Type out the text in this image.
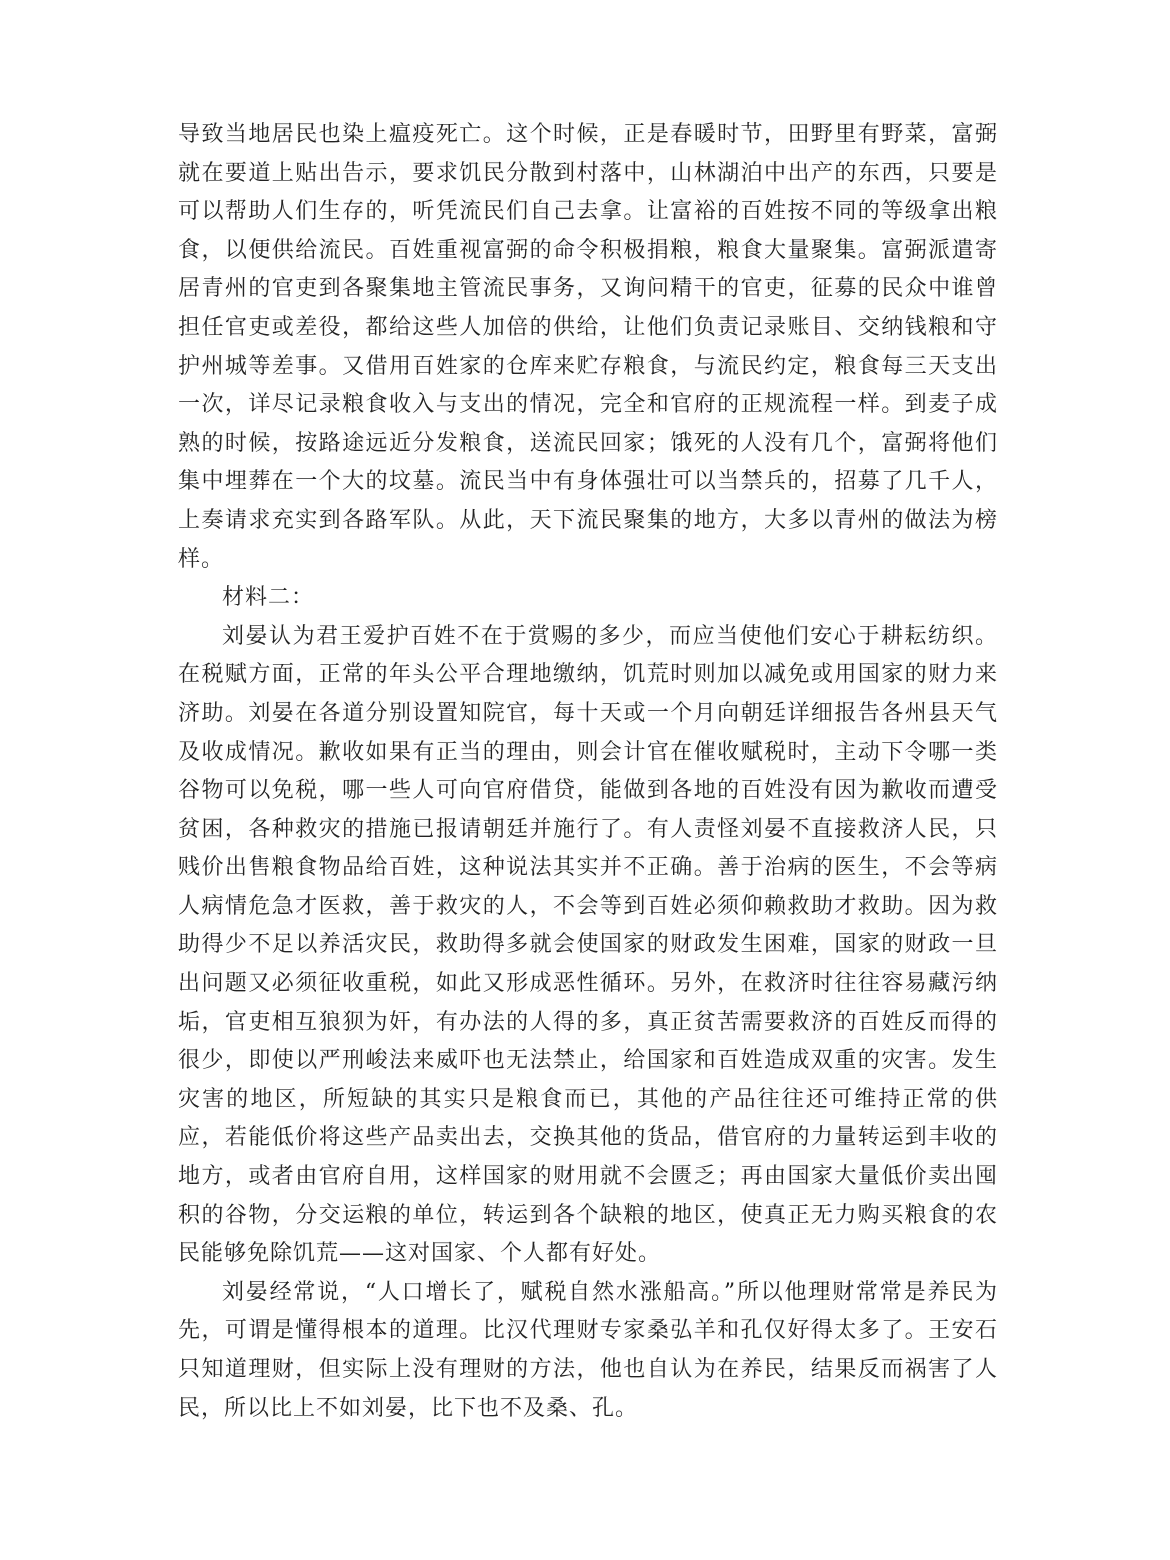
导致当地居民也染上瘟疫死亡。这个时候，正是春暖时节，田野里有野菜，富弼就在要道上贴出告示，要求饥民分散到村落中，山林湖泊中出产的东西，只要是可以帮助人们生存的，听凭流民们自己去拿。让富裕的百姓按不同的等级拿出粮食，以便供给流民。百姓重视富弼的命令积极捐粮，粮食大量聚集。富弼派遣寄居青州的官吏到各聚集地主管流民事务，又询问精干的官吏，征募的民众中谁曾担任官吏或差役，都给这些人加倍的供给，让他们负责记录账目、交纳钱粮和守护州城等差事。又借用百姓家的仓库来贮存粮食，与流民约定，粮食每三天支出一次，详尽记录粮食收入与支出的情况，完全和官府的正规流程一样。到麦子成熟的时候，按路途远近分发粮食，送流民回家；饿死的人没有几个，富弼将他们集中埋葬在一个大的坟墓。流民当中有身体强壮可以当禁兵的，招募了几千人，上奏请求充实到各路军队。从此，天下流民聚集的地方，大多以青州的做法为榜样。

材料二：

刘晏认为君王爱护百姓不在于赏赐的多少，而应当使他们安心于耕耘纺织。在税赋方面，正常的年头公平合理地缴纳，饥荒时则加以减免或用国家的财力来济助。刘晏在各道分别设置知院官，每十天或一个月向朝廷详细报告各州县天气及收成情况。歉收如果有正当的理由，则会计官在催收赋税时，主动下令哪一类谷物可以免税，哪一些人可向官府借贷，能做到各地的百姓没有因为歉收而遭受贫困，各种救灾的措施已报请朝廷并施行了。有人责怪刘晏不直接救济人民，只贱价出售粮食物品给百姓，这种说法其实并不正确。善于治病的医生，不会等病人病情危急才医救，善于救灾的人，不会等到百姓必须仰赖救助才救助。因为救助得少不足以养活灾民，救助得多就会使国家的财政发生困难，国家的财政一旦出问题又必须征收重税，如此又形成恶性循环。另外，在救济时往往容易藏污纳垢，官吏相互狼狈为奸，有办法的人得的多，真正贫苦需要救济的百姓反而得的很少，即使以严刑峻法来威吓也无法禁止，给国家和百姓造成双重的灾害。发生灾害的地区，所短缺的其实只是粮食而已，其他的产品往往还可维持正常的供应，若能低价将这些产品卖出去，交换其他的货品，借官府的力量转运到丰收的地方，或者由官府自用，这样国家的财用就不会匮乏；再由国家大量低价卖出囤积的谷物，分交运粮的单位，转运到各个缺粮的地区，使真正无力购买粮食的农民能够免除饥荒——这对国家、个人都有好处。

刘晏经常说，“人口增长了，赋税自然水涨船高。”所以他理财常常是养民为先，可谓是懂得根本的道理。比汉代理财专家桑弘羊和孔仅好得太多了。王安石只知道理财，但实际上没有理财的方法，他也自认为在养民，结果反而祸害了人民，所以比上不如刘晏，比下也不及桑、孔。
